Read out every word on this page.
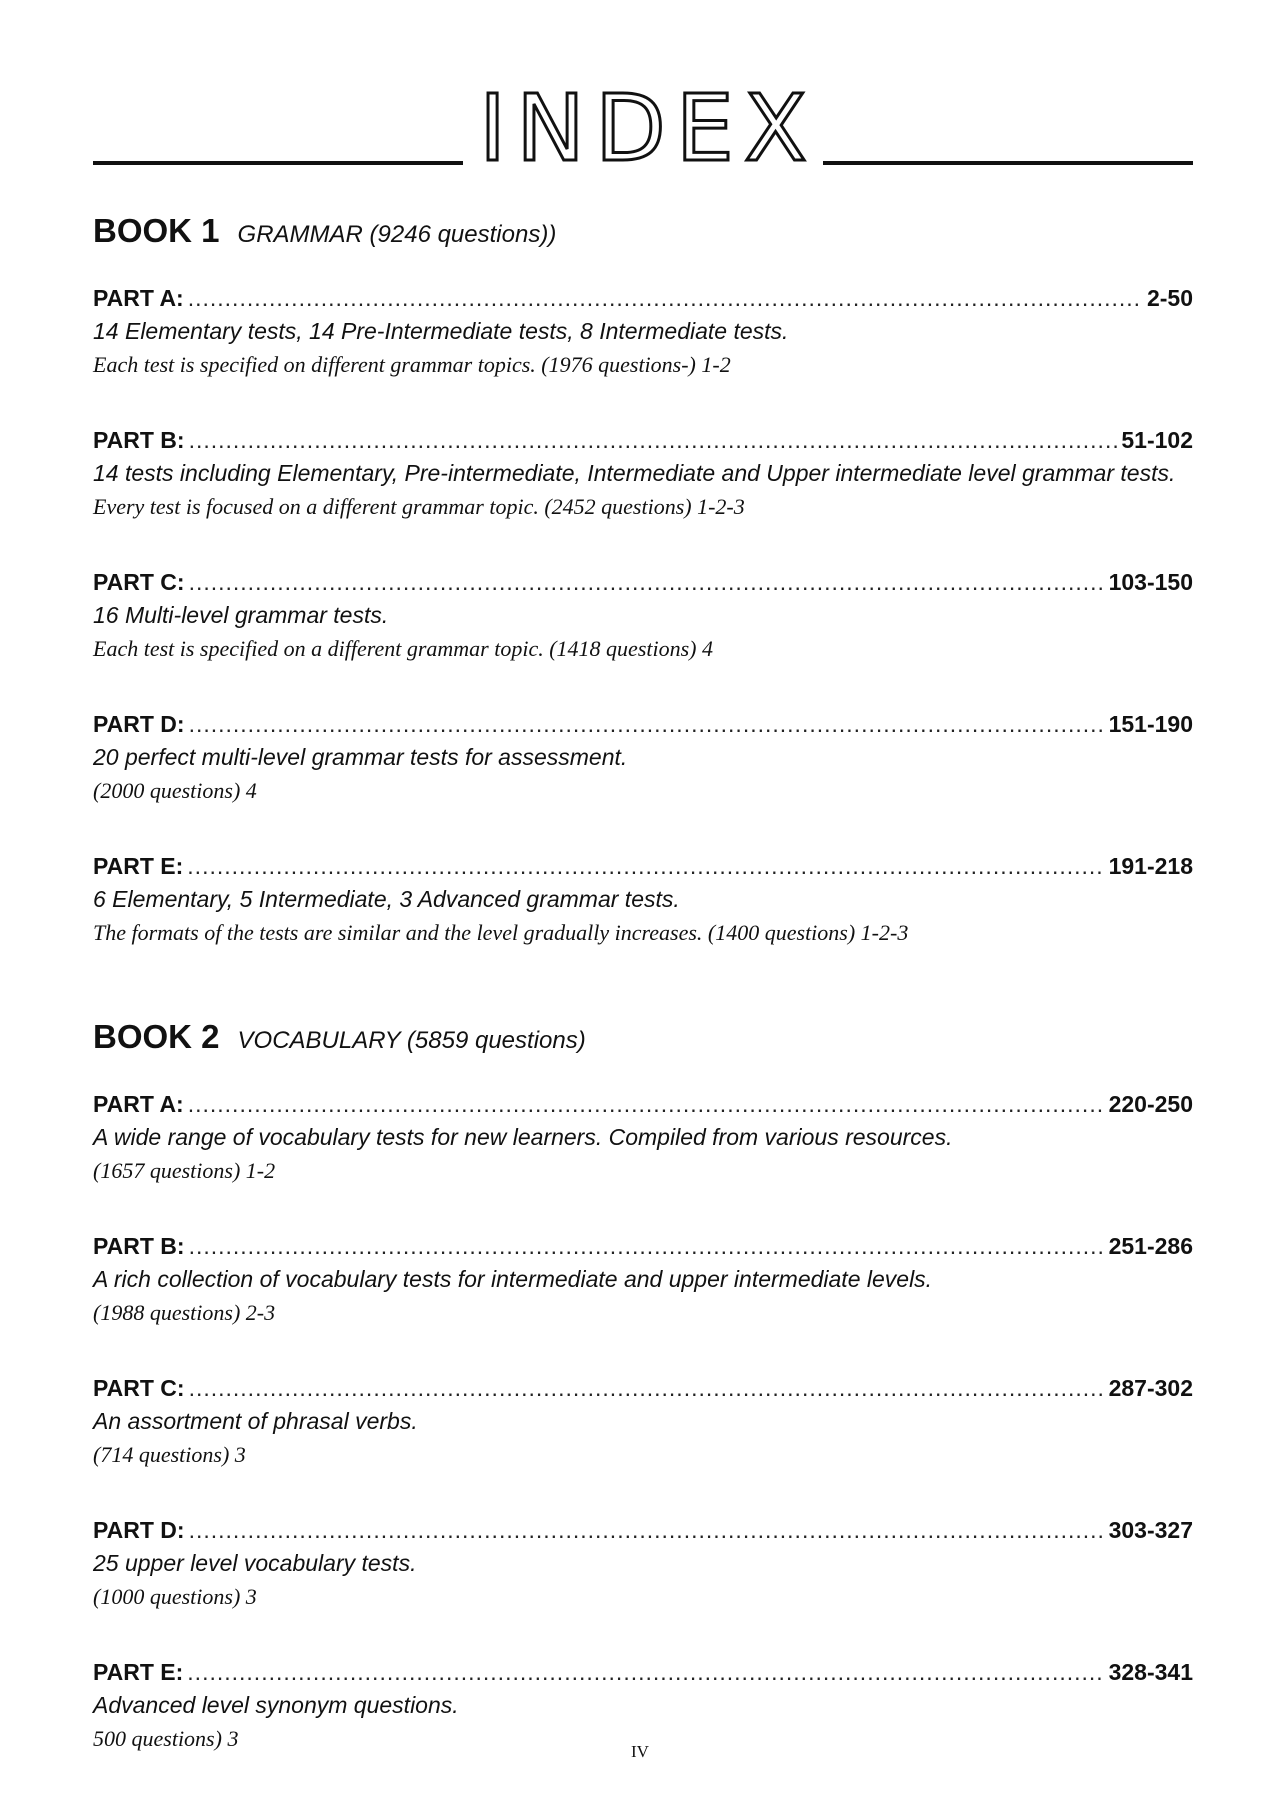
INDEX
BOOK 1 GRAMMAR (9246 questions))
PART A: .....	2-50
14 Elementary tests, 14 Pre-Intermediate tests, 8 Intermediate tests.
Each test is specified on different grammar topics. (1976 questions-) 1-2
PART B: .....	51-102
14 tests including Elementary, Pre-intermediate, Intermediate and Upper intermediate level grammar tests.
Every test is focused on a different grammar topic. (2452 questions) 1-2-3
PART C: .....	103-150
16 Multi-level grammar tests.
Each test is specified on a different grammar topic. (1418 questions) 4
PART D: .....	151-190
20 perfect multi-level grammar tests for assessment.
(2000 questions) 4
PART E: .....	191-218
6 Elementary, 5 Intermediate, 3 Advanced grammar tests.
The formats of the tests are similar and the level gradually increases. (1400 questions) 1-2-3
BOOK 2 VOCABULARY (5859 questions)
PART A: .....	220-250
A wide range of vocabulary tests for new learners. Compiled from various resources.
(1657 questions) 1-2
PART B: .....	251-286
A rich collection of vocabulary tests for intermediate and upper intermediate levels.
(1988 questions) 2-3
PART C: .....	287-302
An assortment of phrasal verbs.
(714 questions) 3
PART D: .....	303-327
25 upper level vocabulary tests.
(1000 questions) 3
PART E: .....	328-341
Advanced level synonym questions.
500 questions) 3
IV
